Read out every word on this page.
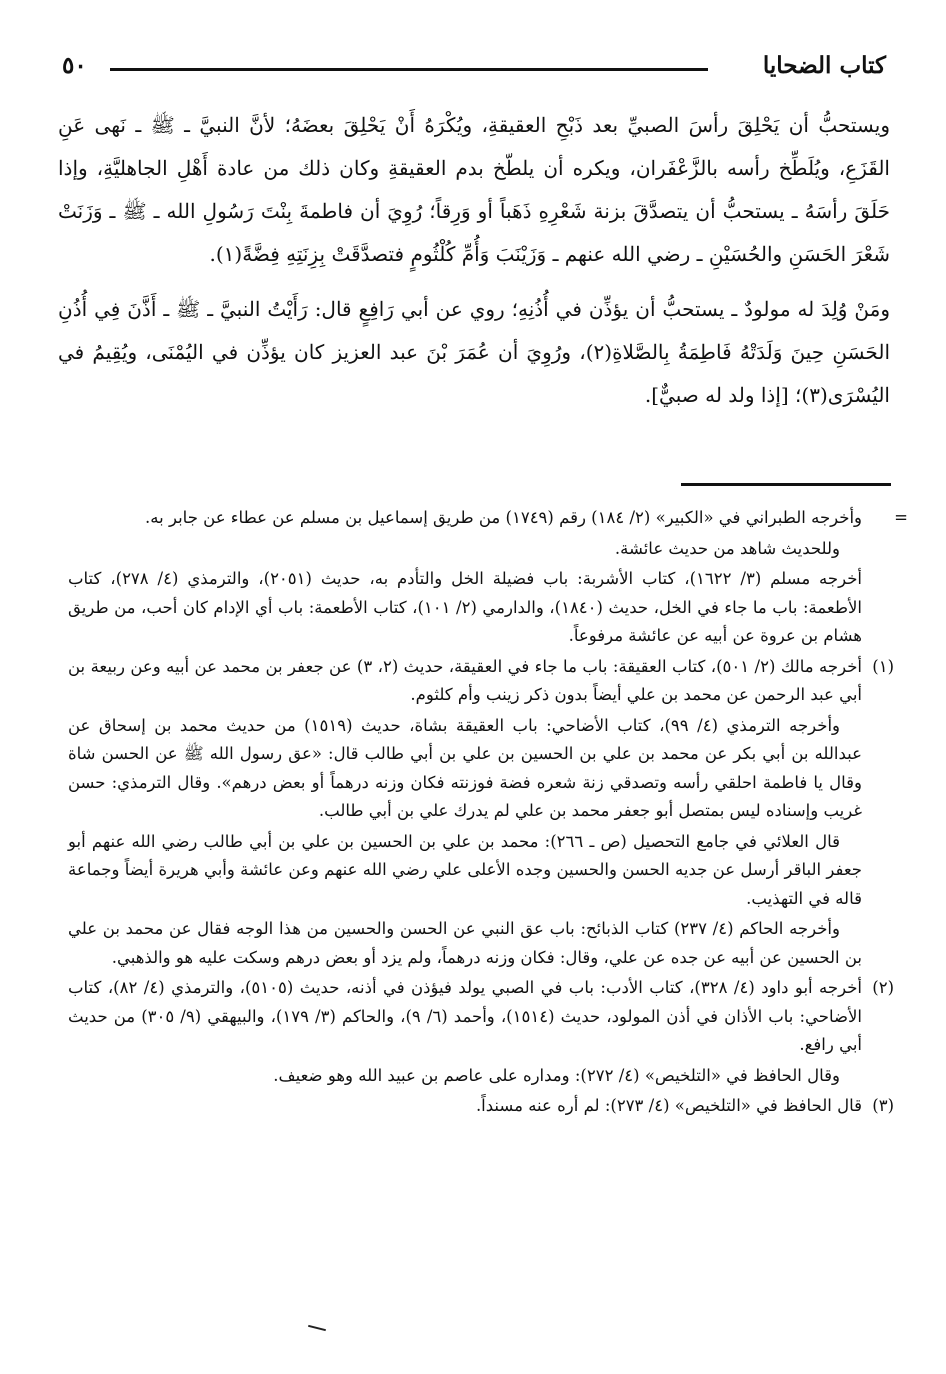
كتاب الضحايا
٥٠

ويستحبُّ أن يَحْلِقَ رأسَ الصبيِّ بعد ذَبْحِ العقيقةِ، ويُكْرَهُ أَنْ يَحْلِقَ بعضَهُ؛ لأنَّ النبيَّ ـ ﷺ ـ نَهى عَنِ القَزَعِ، ويُلَطِّخ رأسه بالزَّعْفَران، ويكره أن يلطّخ بدم العقيقةِ وكان ذلك من عادة أَهْلِ الجاهليَّةِ، وإذا حَلَقَ رأسَهُ ـ يستحبُّ أن يتصدَّقَ بزنة شَعْرِهِ ذَهَباً أو وَرِقاً؛ رُوِيَ أن فاطمةَ بِنْتَ رَسُولِ الله ـ ﷺ ـ وَزَنَتْ شَعْرَ الحَسَنِ والحُسَيْنِ ـ رضي الله عنهم ـ وَزَيْنَبَ وَأُمِّ كُلْثُومٍ فتصدَّقَتْ بِزِنَتِهِ فِضَّةً(١).

ومَنْ وُلِدَ له مولودٌ ـ يستحبُّ أن يؤذِّن في أُذُنِهِ؛ روي عن أبي رَافِعٍ قال: رَأَيْتُ النبيَّ ـ ﷺ ـ أَذَّنَ فِي أُذُنِ الحَسَنِ حِينَ وَلَدَتْهُ فَاطِمَةُ بِالصَّلاةِ(٢)، ورُوِيَ أن عُمَرَ بْنَ عبد العزيز كان يؤذِّن في اليُمْنَى، ويُقِيمُ في اليُسْرَى(٣)؛ [إذا ولد له صبيٌّ].

=
وأخرجه الطبراني في «الكبير» (٢/ ١٨٤) رقم (١٧٤٩) من طريق إسماعيل بن مسلم عن عطاء عن جابر به.

وللحديث شاهد من حديث عائشة.

أخرجه مسلم (٣/ ١٦٢٢)، كتاب الأشربة: باب فضيلة الخل والتأدم به، حديث (٢٠٥١)، والترمذي (٤/ ٢٧٨)، كتاب الأطعمة: باب ما جاء في الخل، حديث (١٨٤٠)، والدارمي (٢/ ١٠١)، كتاب الأطعمة: باب أي الإدام كان أحب، من طريق هشام بن عروة عن أبيه عن عائشة مرفوعاً.

(١)
أخرجه مالك (٢/ ٥٠١)، كتاب العقيقة: باب ما جاء في العقيقة، حديث (٢، ٣) عن جعفر بن محمد عن أبيه وعن ربيعة بن أبي عبد الرحمن عن محمد بن علي أيضاً بدون ذكر زينب وأم كلثوم.

وأخرجه الترمذي (٤/ ٩٩)، كتاب الأضاحي: باب العقيقة بشاة، حديث (١٥١٩) من حديث محمد بن إسحاق عن عبدالله بن أبي بكر عن محمد بن علي بن الحسين بن علي بن أبي طالب قال: «عق رسول الله ﷺ عن الحسن شاة وقال يا فاطمة احلقي رأسه وتصدقي زنة شعره فضة فوزنته فكان وزنه درهماً أو بعض درهم». وقال الترمذي: حسن غريب وإسناده ليس بمتصل أبو جعفر محمد بن علي لم يدرك علي بن أبي طالب.

قال العلائي في جامع التحصيل (ص ـ ٢٦٦): محمد بن علي بن الحسين بن علي بن أبي طالب رضي الله عنهم أبو جعفر الباقر أرسل عن جديه الحسن والحسين وجده الأعلى علي رضي الله عنهم وعن عائشة وأبي هريرة أيضاً وجماعة قاله في التهذيب.

وأخرجه الحاكم (٤/ ٢٣٧) كتاب الذبائح: باب عق النبي عن الحسن والحسين من هذا الوجه فقال عن محمد بن علي بن الحسين عن أبيه عن جده عن علي، وقال: فكان وزنه درهماً، ولم يزد أو بعض درهم وسكت عليه هو والذهبي.

(٢)
أخرجه أبو داود (٤/ ٣٢٨)، كتاب الأدب: باب في الصبي يولد فيؤذن في أذنه، حديث (٥١٠٥)، والترمذي (٤/ ٨٢)، كتاب الأضاحي: باب الأذان في أذن المولود، حديث (١٥١٤)، وأحمد (٦/ ٩)، والحاكم (٣/ ١٧٩)، والبيهقي (٩/ ٣٠٥) من حديث أبي رافع.

وقال الحافظ في «التلخيص» (٤/ ٢٧٢): ومداره على عاصم بن عبيد الله وهو ضعيف.

(٣)
قال الحافظ في «التلخيص» (٤/ ٢٧٣): لم أره عنه مسنداً.
